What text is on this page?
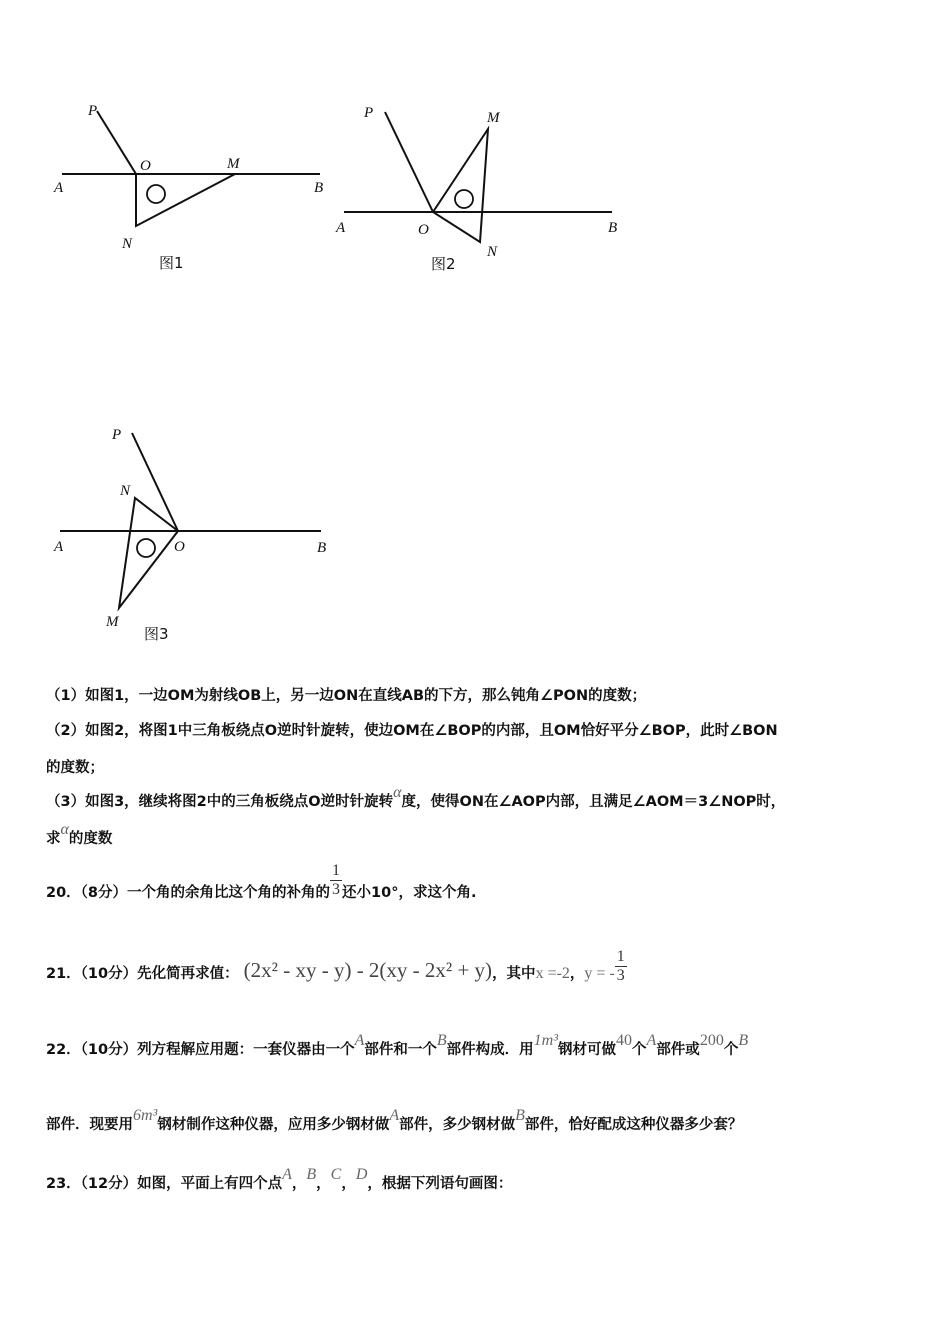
P
O	M
A	B
N
图1
P	M
A	O	B
N
图2
P
N
A	O	B
M
图3
（1）如图1，一边OM为射线OB上，另一边ON在直线AB的下方，那么钝角∠PON的度数；
（2）如图2，将图1中三角板绕点O逆时针旋转，使边OM在∠BOP的内部，且OM恰好平分∠BOP，此时∠BON
的度数；
（3）如图3，继续将图2中的三角板绕点O逆时针旋转α度，使得ON在∠AOP内部，且满足∠AOM＝3∠NOP时，
求α的度数
20．（8分）一个角的余角比这个角的补角的 $\frac{1}{3}$ 还小10°，求这个角.
21．（10分）先化简再求值： (2x² - xy - y) - 2(xy - 2x² + y)，其中x =-2，y = - $\frac{1}{3}$
22．（10分）列方程解应用题：一套仪器由一个A部件和一个B部件构成．用1m³钢材可做40个A部件或200个B
部件．现要用6m³钢材制作这种仪器，应用多少钢材做A部件，多少钢材做B部件，恰好配成这种仪器多少套？
23．（12分）如图，平面上有四个点A，B，C，D，根据下列语句画图：
